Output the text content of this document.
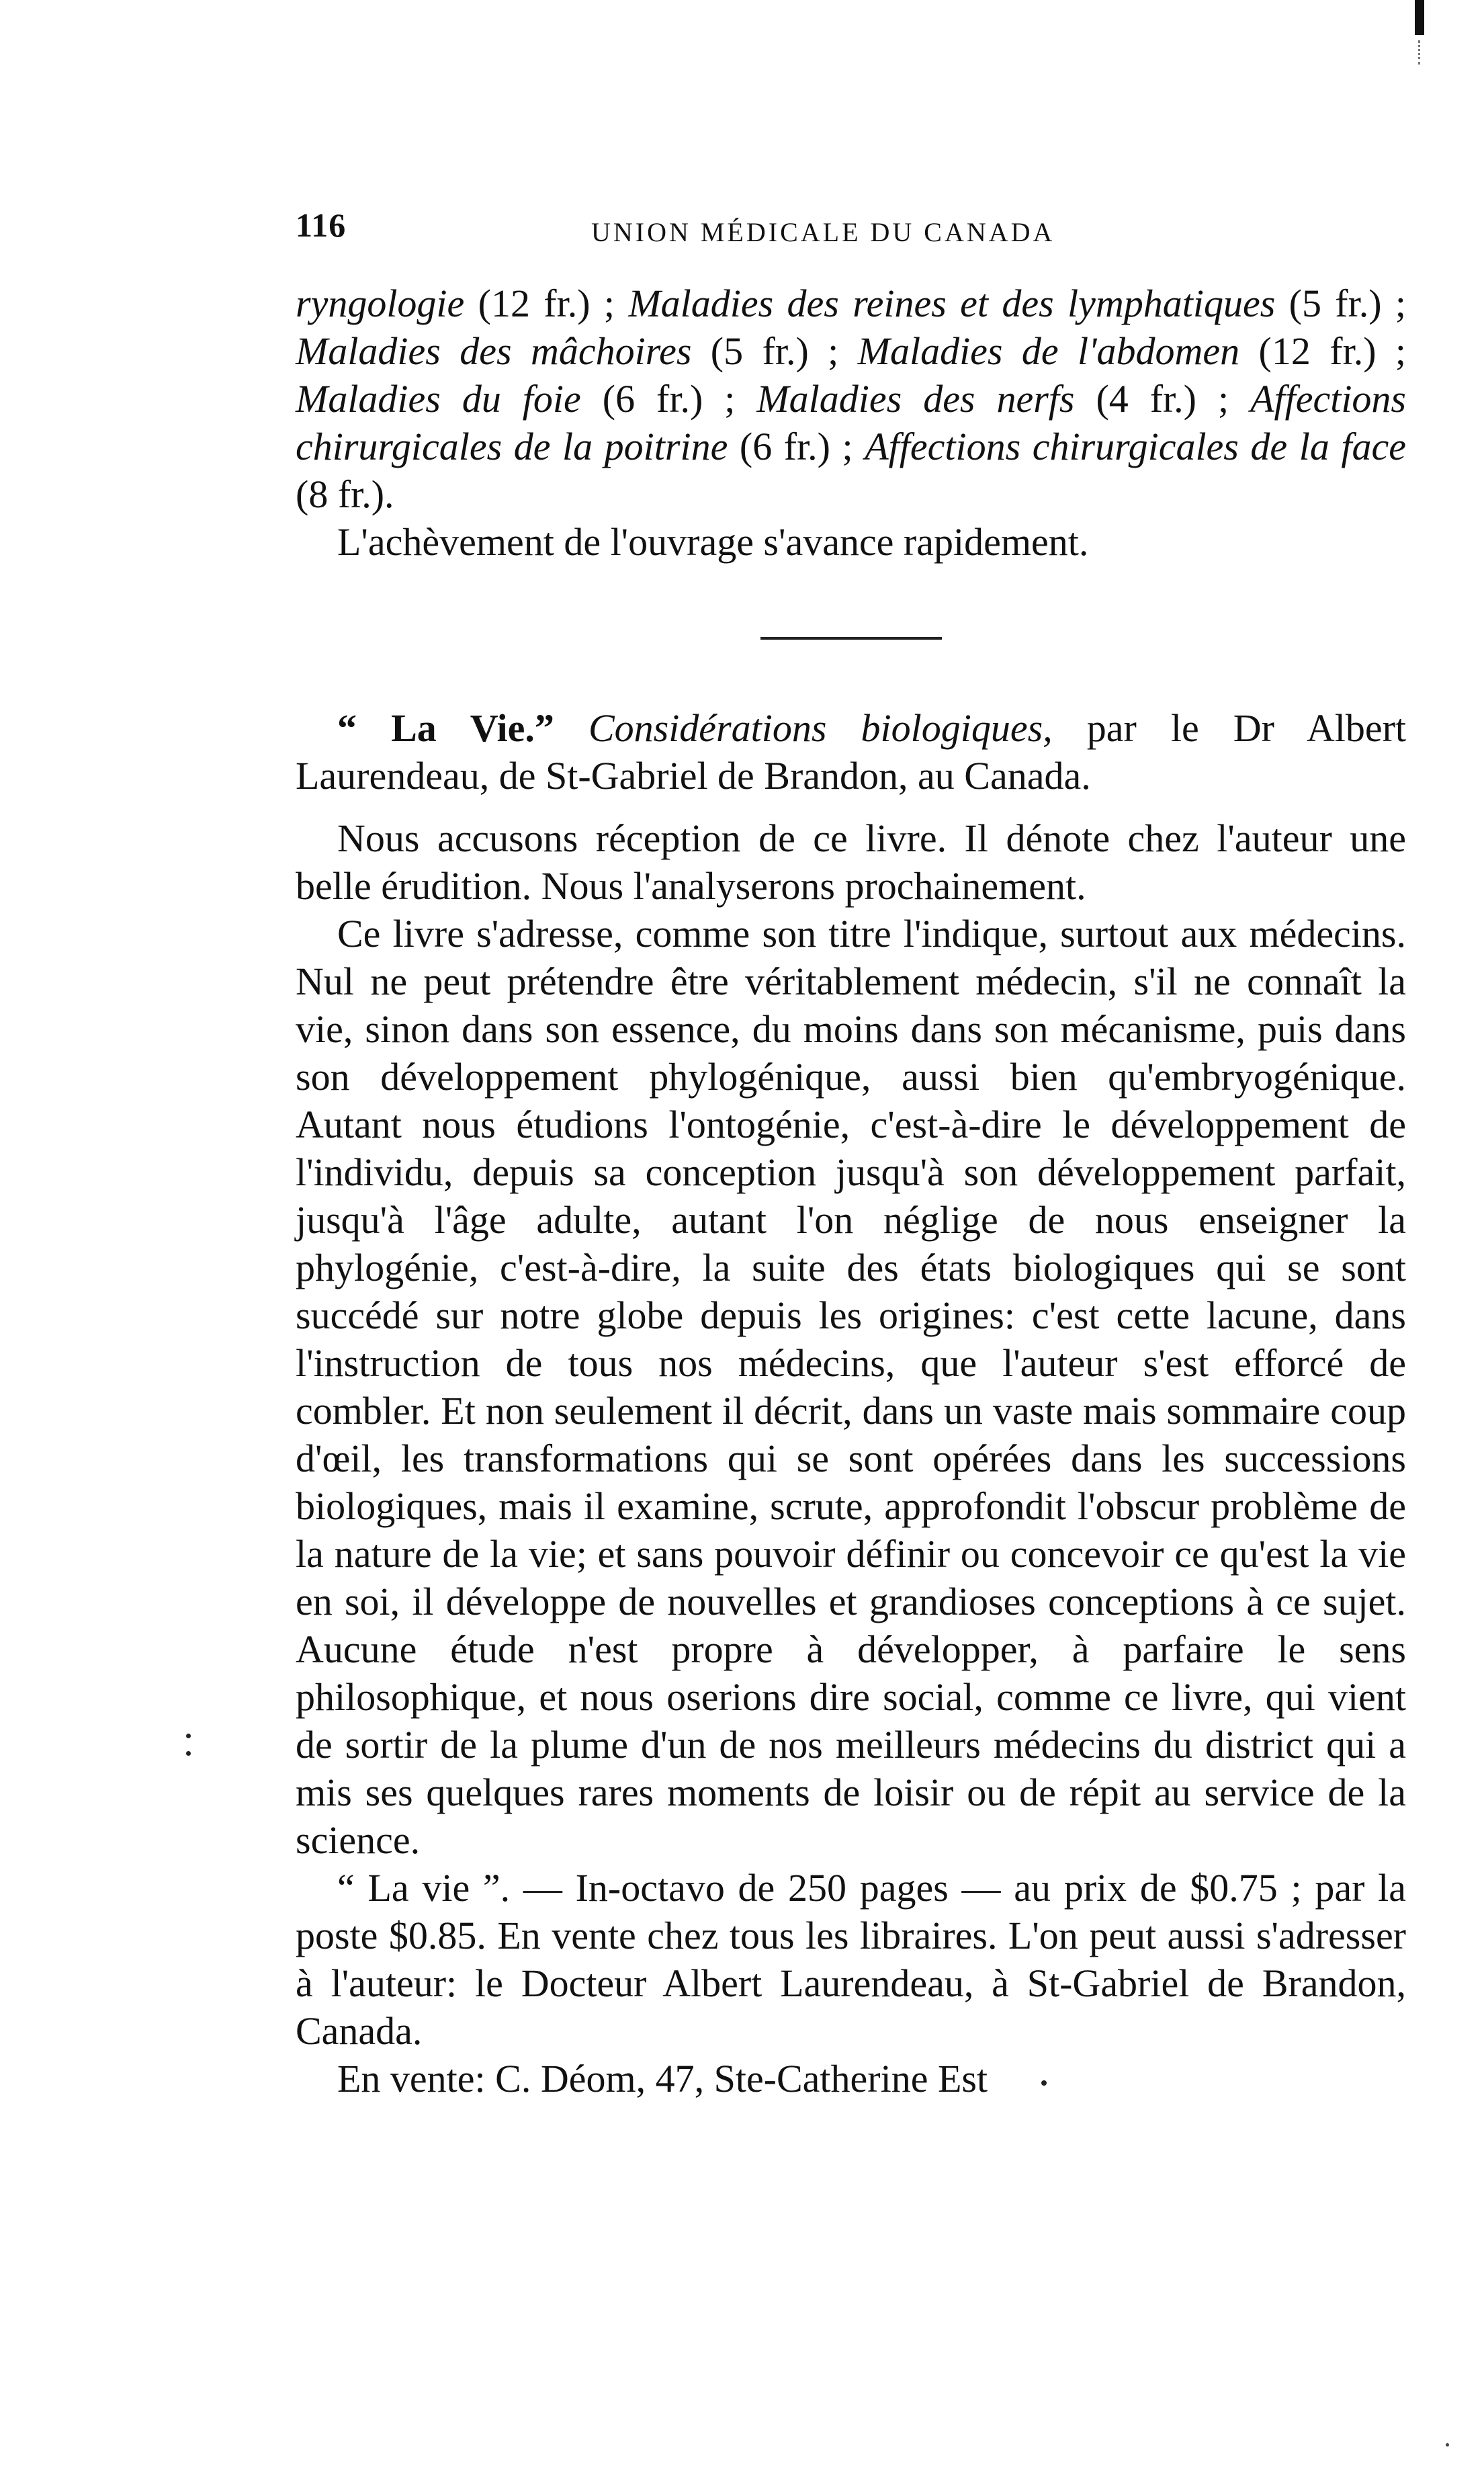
116	UNION MÉDICALE DU CANADA

ryngologie (12 fr.) ; Maladies des reines et des lymphatiques (5 fr.) ; Maladies des mâchoires (5 fr.) ; Maladies de l'abdomen (12 fr.) ; Maladies du foie (6 fr.) ; Maladies des nerfs (4 fr.) ; Affections chirurgicales de la poitrine (6 fr.) ; Affections chirurgicales de la face (8 fr.).

L'achèvement de l'ouvrage s'avance rapidement.

“ La Vie.” Considérations biologiques, par le Dr Albert Laurendeau, de St-Gabriel de Brandon, au Canada.

Nous accusons réception de ce livre. Il dénote chez l'auteur une belle érudition. Nous l'analyserons prochainement.

Ce livre s'adresse, comme son titre l'indique, surtout aux médecins. Nul ne peut prétendre être véritablement médecin, s'il ne connaît la vie, sinon dans son essence, du moins dans son mécanisme, puis dans son développement phylogénique, aussi bien qu'embryogénique. Autant nous étudions l'ontogénie, c'est-à-dire le développement de l'individu, depuis sa conception jusqu'à son développement parfait, jusqu'à l'âge adulte, autant l'on néglige de nous enseigner la phylogénie, c'est-à-dire, la suite des états biologiques qui se sont succédé sur notre globe depuis les origines: c'est cette lacune, dans l'instruction de tous nos médecins, que l'auteur s'est efforcé de combler. Et non seulement il décrit, dans un vaste mais sommaire coup d'œil, les transformations qui se sont opérées dans les successions biologiques, mais il examine, scrute, approfondit l'obscur problème de la nature de la vie; et sans pouvoir définir ou concevoir ce qu'est la vie en soi, il développe de nouvelles et grandioses conceptions à ce sujet. Aucune étude n'est propre à développer, à parfaire le sens philosophique, et nous oserions dire social, comme ce livre, qui vient de sortir de la plume d'un de nos meilleurs médecins du district qui a mis ses quelques rares moments de loisir ou de répit au service de la science.

“ La vie ”. — In-octavo de 250 pages — au prix de $0.75 ; par la poste $0.85. En vente chez tous les libraires. L'on peut aussi s'adresser à l'auteur: le Docteur Albert Laurendeau, à St-Gabriel de Brandon, Canada.

En vente: C. Déom, 47, Ste-Catherine Est
